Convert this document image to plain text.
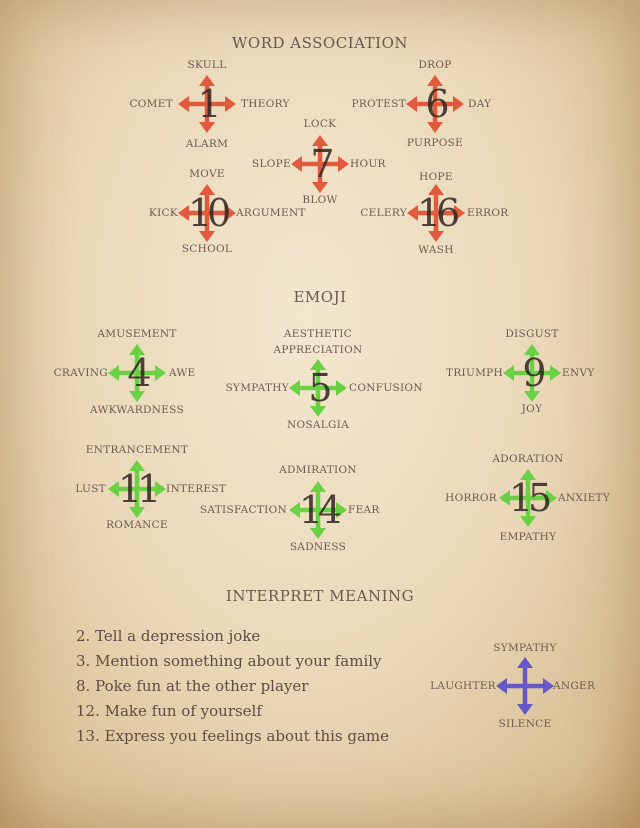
WORD ASSOCIATION
EMOJI
INTERPRET MEANING
SKULL
ALARM
COMET	THEORY
1
DROP
PURPOSE
PROTEST	DAY
6
LOCK
BLOW
SLOPE	HOUR
7
MOVE
SCHOOL
KICK	ARGUMENT
10
HOPE
WASH
CELERY	ERROR
16
AMUSEMENT
AWKWARDNESS
CRAVING	AWE
4
AESTHETIC
APPRECIATION
NOSALGIA
SYMPATHY	CONFUSION
5
DISGUST
JOY
TRIUMPH	ENVY
9
ENTRANCEMENT
ROMANCE
LUST	INTEREST
11	ADMIRATION
SADNESS
SATISFACTION	FEAR
14
ADORATION
EMPATHY
HORROR	ANXIETY
15
2. Tell a depression joke
3. Mention something about your family
8. Poke fun at the other player
12. Make fun of yourself
13. Express you feelings about this game
SYMPATHY
SILENCE
LAUGHTER	ANGER
